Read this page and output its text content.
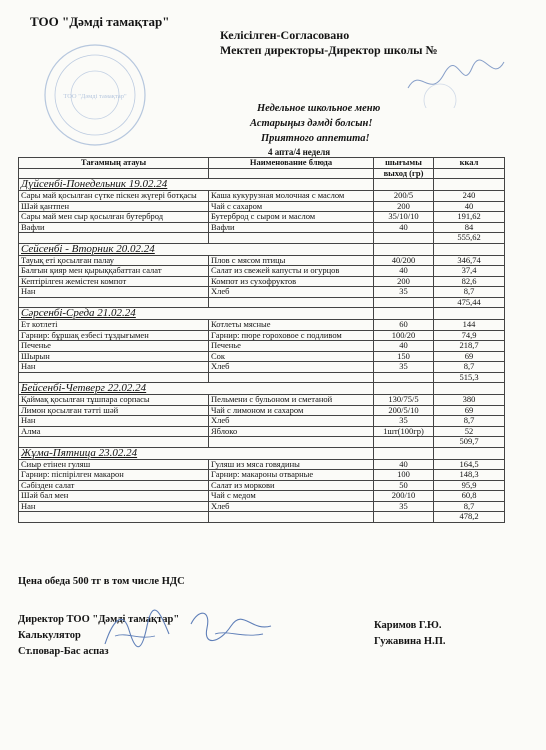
ТОО "Дәмді тамақтар"
Келісілген-Согласовано
Мектеп директоры-Директор школы №
ТОО "Дәмді тамақтар"
Недельное школьное меню
Астарыңыз дәмді болсын!
Приятного аппетита!
4 апта/4 неделя
Тағамның атауы	Наименование блюда	шығымы	ккал
		выход (гр)	
Дүйсенбі-Понедельник 19.02.24			
Сары май қосылған сүтке піскен жүгері ботқасы	Каша кукурузная молочная с маслом	200/5	240
Шәй қантпен	Чай с сахаром	200	40
Сары май мен сыр қосылған бутерброд	Бутерброд с сыром и маслом	35/10/10	191,62
Вафли	Вафли	40	84
			555,62
Сейсенбі - Вторник 20.02.24			
Тауық еті қосылған палау	Плов с мясом птицы	40/200	346,74
Балғын қияр мен қырыққабаттан салат	Салат из свежей капусты и огурцов	40	37,4
Кептірілген жемістен компот	Компот из сухофруктов	200	82,6
Нан	Хлеб	35	8,7
			475,44
Сәрсенбі-Среда 21.02.24			
Ет котлеті	Котлеты мясные	60	144
Гарнир: бұршақ езбесі тұздығымен	Гарнир: пюре гороховое с подливом	100/20	74,9
Печенье	Печенье	40	218,7
Шырын	Сок	150	69
Нан	Хлеб	35	8,7
			515,3
Бейсенбі-Четверг 22.02.24			
Қаймақ қосылған тұшпара сорпасы	Пельмени с бульоном и сметаной	130/75/5	380
Лимон қосылған тәтті шәй	Чай с лимоном и сахаром	200/5/10	69
Нан	Хлеб	35	8,7
Алма	Яблоко	1шт(100гр)	52
			509,7
Жұма-Пятница 23.02.24			
Сиыр етінен гуляш	Гуляш из мяса говядины	40	164,5
Гарнир: піспірілген макарон	Гарнир: макароны отварные	100	148,3
Сәбізден салат	Салат из моркови	50	95,9
Шәй бал мен	Чай с медом	200/10	60,8
Нан	Хлеб	35	8,7
			478,2
Цена обеда 500 тг в том числе НДС
Директор ТОО "Дәмді тамақтар"
Калькулятор
Ст.повар-Бас аспаз
Каримов Г.Ю.
Гужавина Н.П.
